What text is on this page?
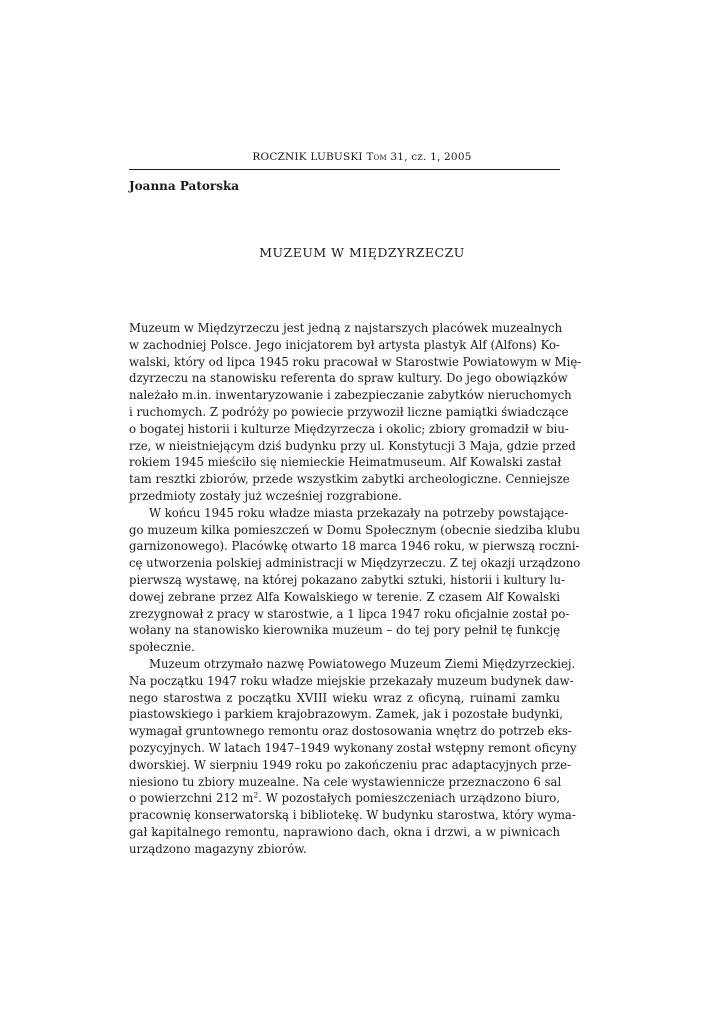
ROCZNIK LUBUSKI Tom 31, cz. 1, 2005
Joanna Patorska
MUZEUM W MIĘDZYRZECZU
Muzeum w Międzyrzeczu jest jedną z najstarszych placówek muzealnych
w zachodniej Polsce. Jego inicjatorem był artysta plastyk Alf (Alfons) Ko-
walski, który od lipca 1945 roku pracował w Starostwie Powiatowym w Mię-
dzyrzeczu na stanowisku referenta do spraw kultury. Do jego obowiązków
należało m.in. inwentaryzowanie i zabezpieczanie zabytków nieruchomych
i ruchomych. Z podróży po powiecie przywoził liczne pamiątki świadczące
o bogatej historii i kulturze Międzyrzecza i okolic; zbiory gromadził w biu-
rze, w nieistniejącym dziś budynku przy ul. Konstytucji 3 Maja, gdzie przed
rokiem 1945 mieściło się niemieckie Heimatmuseum. Alf Kowalski zastał
tam resztki zbiorów, przede wszystkim zabytki archeologiczne. Cenniejsze
przedmioty zostały już wcześniej rozgrabione.
W końcu 1945 roku władze miasta przekazały na potrzeby powstające-
go muzeum kilka pomieszczeń w Domu Społecznym (obecnie siedziba klubu
garnizonowego). Placówkę otwarto 18 marca 1946 roku, w pierwszą roczni-
cę utworzenia polskiej administracji w Międzyrzeczu. Z tej okazji urządzono
pierwszą wystawę, na której pokazano zabytki sztuki, historii i kultury lu-
dowej zebrane przez Alfa Kowalskiego w terenie. Z czasem Alf Kowalski
zrezygnował z pracy w starostwie, a 1 lipca 1947 roku oficjalnie został po-
wołany na stanowisko kierownika muzeum – do tej pory pełnił tę funkcję
społecznie.
Muzeum otrzymało nazwę Powiatowego Muzeum Ziemi Międzyrzeckiej.
Na początku 1947 roku władze miejskie przekazały muzeum budynek daw-
nego starostwa z początku XVIII wieku wraz z oficyną, ruinami zamku
piastowskiego i parkiem krajobrazowym. Zamek, jak i pozostałe budynki,
wymagał gruntownego remontu oraz dostosowania wnętrz do potrzeb eks-
pozycyjnych. W latach 1947–1949 wykonany został wstępny remont oficyny
dworskiej. W sierpniu 1949 roku po zakończeniu prac adaptacyjnych prze-
niesiono tu zbiory muzealne. Na cele wystawiennicze przeznaczono 6 sal
o powierzchni 212 $m^2$. W pozostałych pomieszczeniach urządzono biuro,
pracownię konserwatorską i bibliotekę. W budynku starostwa, który wyma-
gał kapitalnego remontu, naprawiono dach, okna i drzwi, a w piwnicach
urządzono magazyny zbiorów.
